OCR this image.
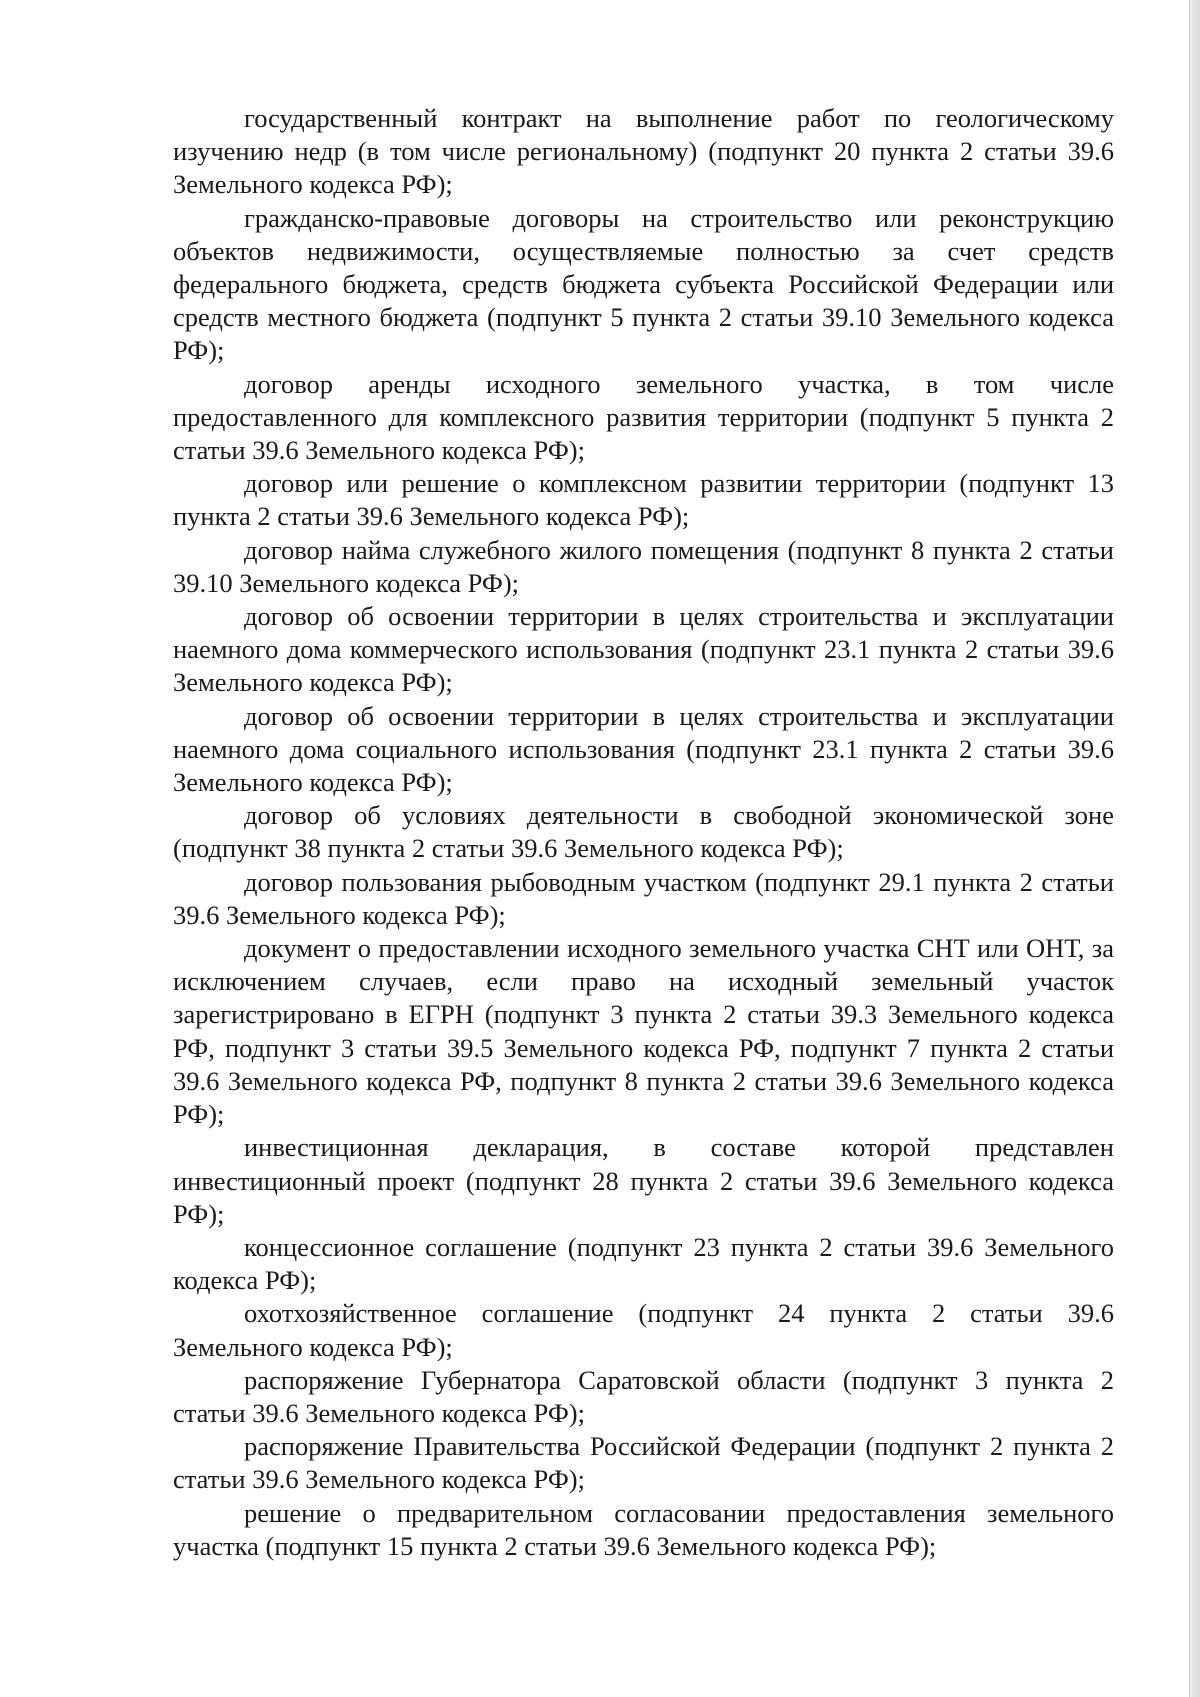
государственный контракт на выполнение работ по геологическому изучению недр (в том числе региональному) (подпункт 20 пункта 2 статьи 39.6 Земельного кодекса РФ);

гражданско-правовые договоры на строительство или реконструкцию объектов недвижимости, осуществляемые полностью за счет средств федерального бюджета, средств бюджета субъекта Российской Федерации или средств местного бюджета (подпункт 5 пункта 2 статьи 39.10 Земельного кодекса РФ);

договор аренды исходного земельного участка, в том числе предоставленного для комплексного развития территории (подпункт 5 пункта 2 статьи 39.6 Земельного кодекса РФ);

договор или решение о комплексном развитии территории (подпункт 13 пункта 2 статьи 39.6 Земельного кодекса РФ);

договор найма служебного жилого помещения (подпункт 8 пункта 2 статьи 39.10 Земельного кодекса РФ);

договор об освоении территории в целях строительства и эксплуатации наемного дома коммерческого использования (подпункт 23.1 пункта 2 статьи 39.6 Земельного кодекса РФ);

договор об освоении территории в целях строительства и эксплуатации наемного дома социального использования (подпункт 23.1 пункта 2 статьи 39.6 Земельного кодекса РФ);

договор об условиях деятельности в свободной экономической зоне (подпункт 38 пункта 2 статьи 39.6 Земельного кодекса РФ);

договор пользования рыбоводным участком (подпункт 29.1 пункта 2 статьи 39.6 Земельного кодекса РФ);

документ о предоставлении исходного земельного участка СНТ или ОНТ, за исключением случаев, если право на исходный земельный участок зарегистрировано в ЕГРН (подпункт 3 пункта 2 статьи 39.3 Земельного кодекса РФ, подпункт 3 статьи 39.5 Земельного кодекса РФ, подпункт 7 пункта 2 статьи 39.6 Земельного кодекса РФ, подпункт 8 пункта 2 статьи 39.6 Земельного кодекса РФ);

инвестиционная декларация, в составе которой представлен инвестиционный проект (подпункт 28 пункта 2 статьи 39.6 Земельного кодекса РФ);

концессионное соглашение (подпункт 23 пункта 2 статьи 39.6 Земельного кодекса РФ);

охотхозяйственное соглашение (подпункт 24 пункта 2 статьи 39.6 Земельного кодекса РФ);

распоряжение Губернатора Саратовской области (подпункт 3 пункта 2 статьи 39.6 Земельного кодекса РФ);

распоряжение Правительства Российской Федерации (подпункт 2 пункта 2 статьи 39.6 Земельного кодекса РФ);

решение о предварительном согласовании предоставления земельного участка (подпункт 15 пункта 2 статьи 39.6 Земельного кодекса РФ);
